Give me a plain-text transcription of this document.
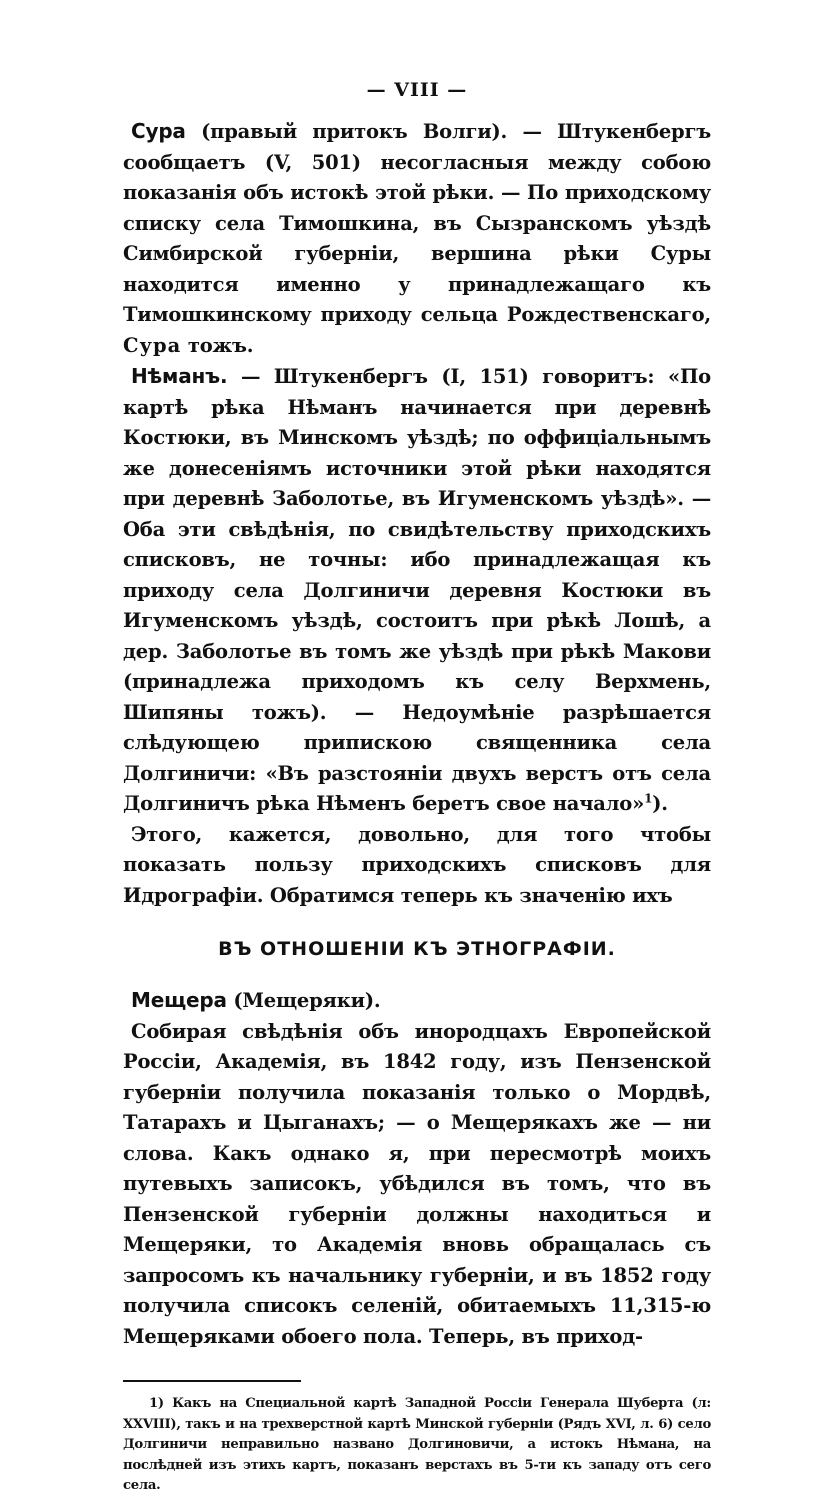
— VIII —

Сура (правый притокъ Волги). — Штукенбергъ сообщаетъ (V, 501) несогласныя между собою показанія объ истокѣ этой рѣки. — По приходскому списку села Тимошкина, въ Сызранскомъ уѣздѣ Симбирской губерніи, вершина рѣки Суры находится именно у принадлежащаго къ Тимошкинскому приходу сельца Рождественскаго, Сура тожъ.

Нѣманъ. — Штукенбергъ (I, 151) говоритъ: «По картѣ рѣка Нѣманъ начинается при деревнѣ Костюки, въ Минскомъ уѣздѣ; по оффиціальнымъ же донесеніямъ источники этой рѣки находятся при деревнѣ Заболотье, въ Игуменскомъ уѣздѣ». — Оба эти свѣдѣнія, по свидѣтельству приходскихъ списковъ, не точны: ибо принадлежащая къ приходу села Долгиничи деревня Костюки въ Игуменскомъ уѣздѣ, состоитъ при рѣкѣ Лошѣ, а дер. Заболотье въ томъ же уѣздѣ при рѣкѣ Макови (принадлежа приходомъ къ селу Верхмень, Шипяны тожъ). — Недоумѣніе разрѣшается слѣдующею припискою священника села Долгиничи: «Въ разстояніи двухъ верстъ отъ села Долгиничъ рѣка Нѣменъ беретъ свое начало»$^1$).

Этого, кажется, довольно, для того чтобы показать пользу приходскихъ списковъ для Идрографіи. Обратимся теперь къ значенію ихъ

ВЪ ОТНОШЕНІИ КЪ ЭТНОГРАФІИ.

Мещера (Мещеряки).

Собирая свѣдѣнія объ инородцахъ Европейской Россіи, Академія, въ 1842 году, изъ Пензенской губерніи получила показанія только о Мордвѣ, Татарахъ и Цыганахъ; — о Мещерякахъ же — ни слова. Какъ однако я, при пересмотрѣ моихъ путевыхъ записокъ, убѣдился въ томъ, что въ Пензенской губерніи должны находиться и Мещеряки, то Академія вновь обращалась съ запросомъ къ начальнику губерніи, и въ 1852 году получила списокъ селеній, обитаемыхъ 11,315-ю Мещеряками обоего пола. Теперь, въ приход-

1) Какъ на Специальной картѣ Западной Россіи Генерала Шуберта (л: XXVIII), такъ и на трехверстной картѣ Минской губерніи (Рядъ XVI, л. 6) село Долгиничи неправильно названо Долгиновичи, а истокъ Нѣмана, на послѣдней изъ этихъ картъ, показанъ верстахъ въ 5-ти къ западу отъ сего села.
